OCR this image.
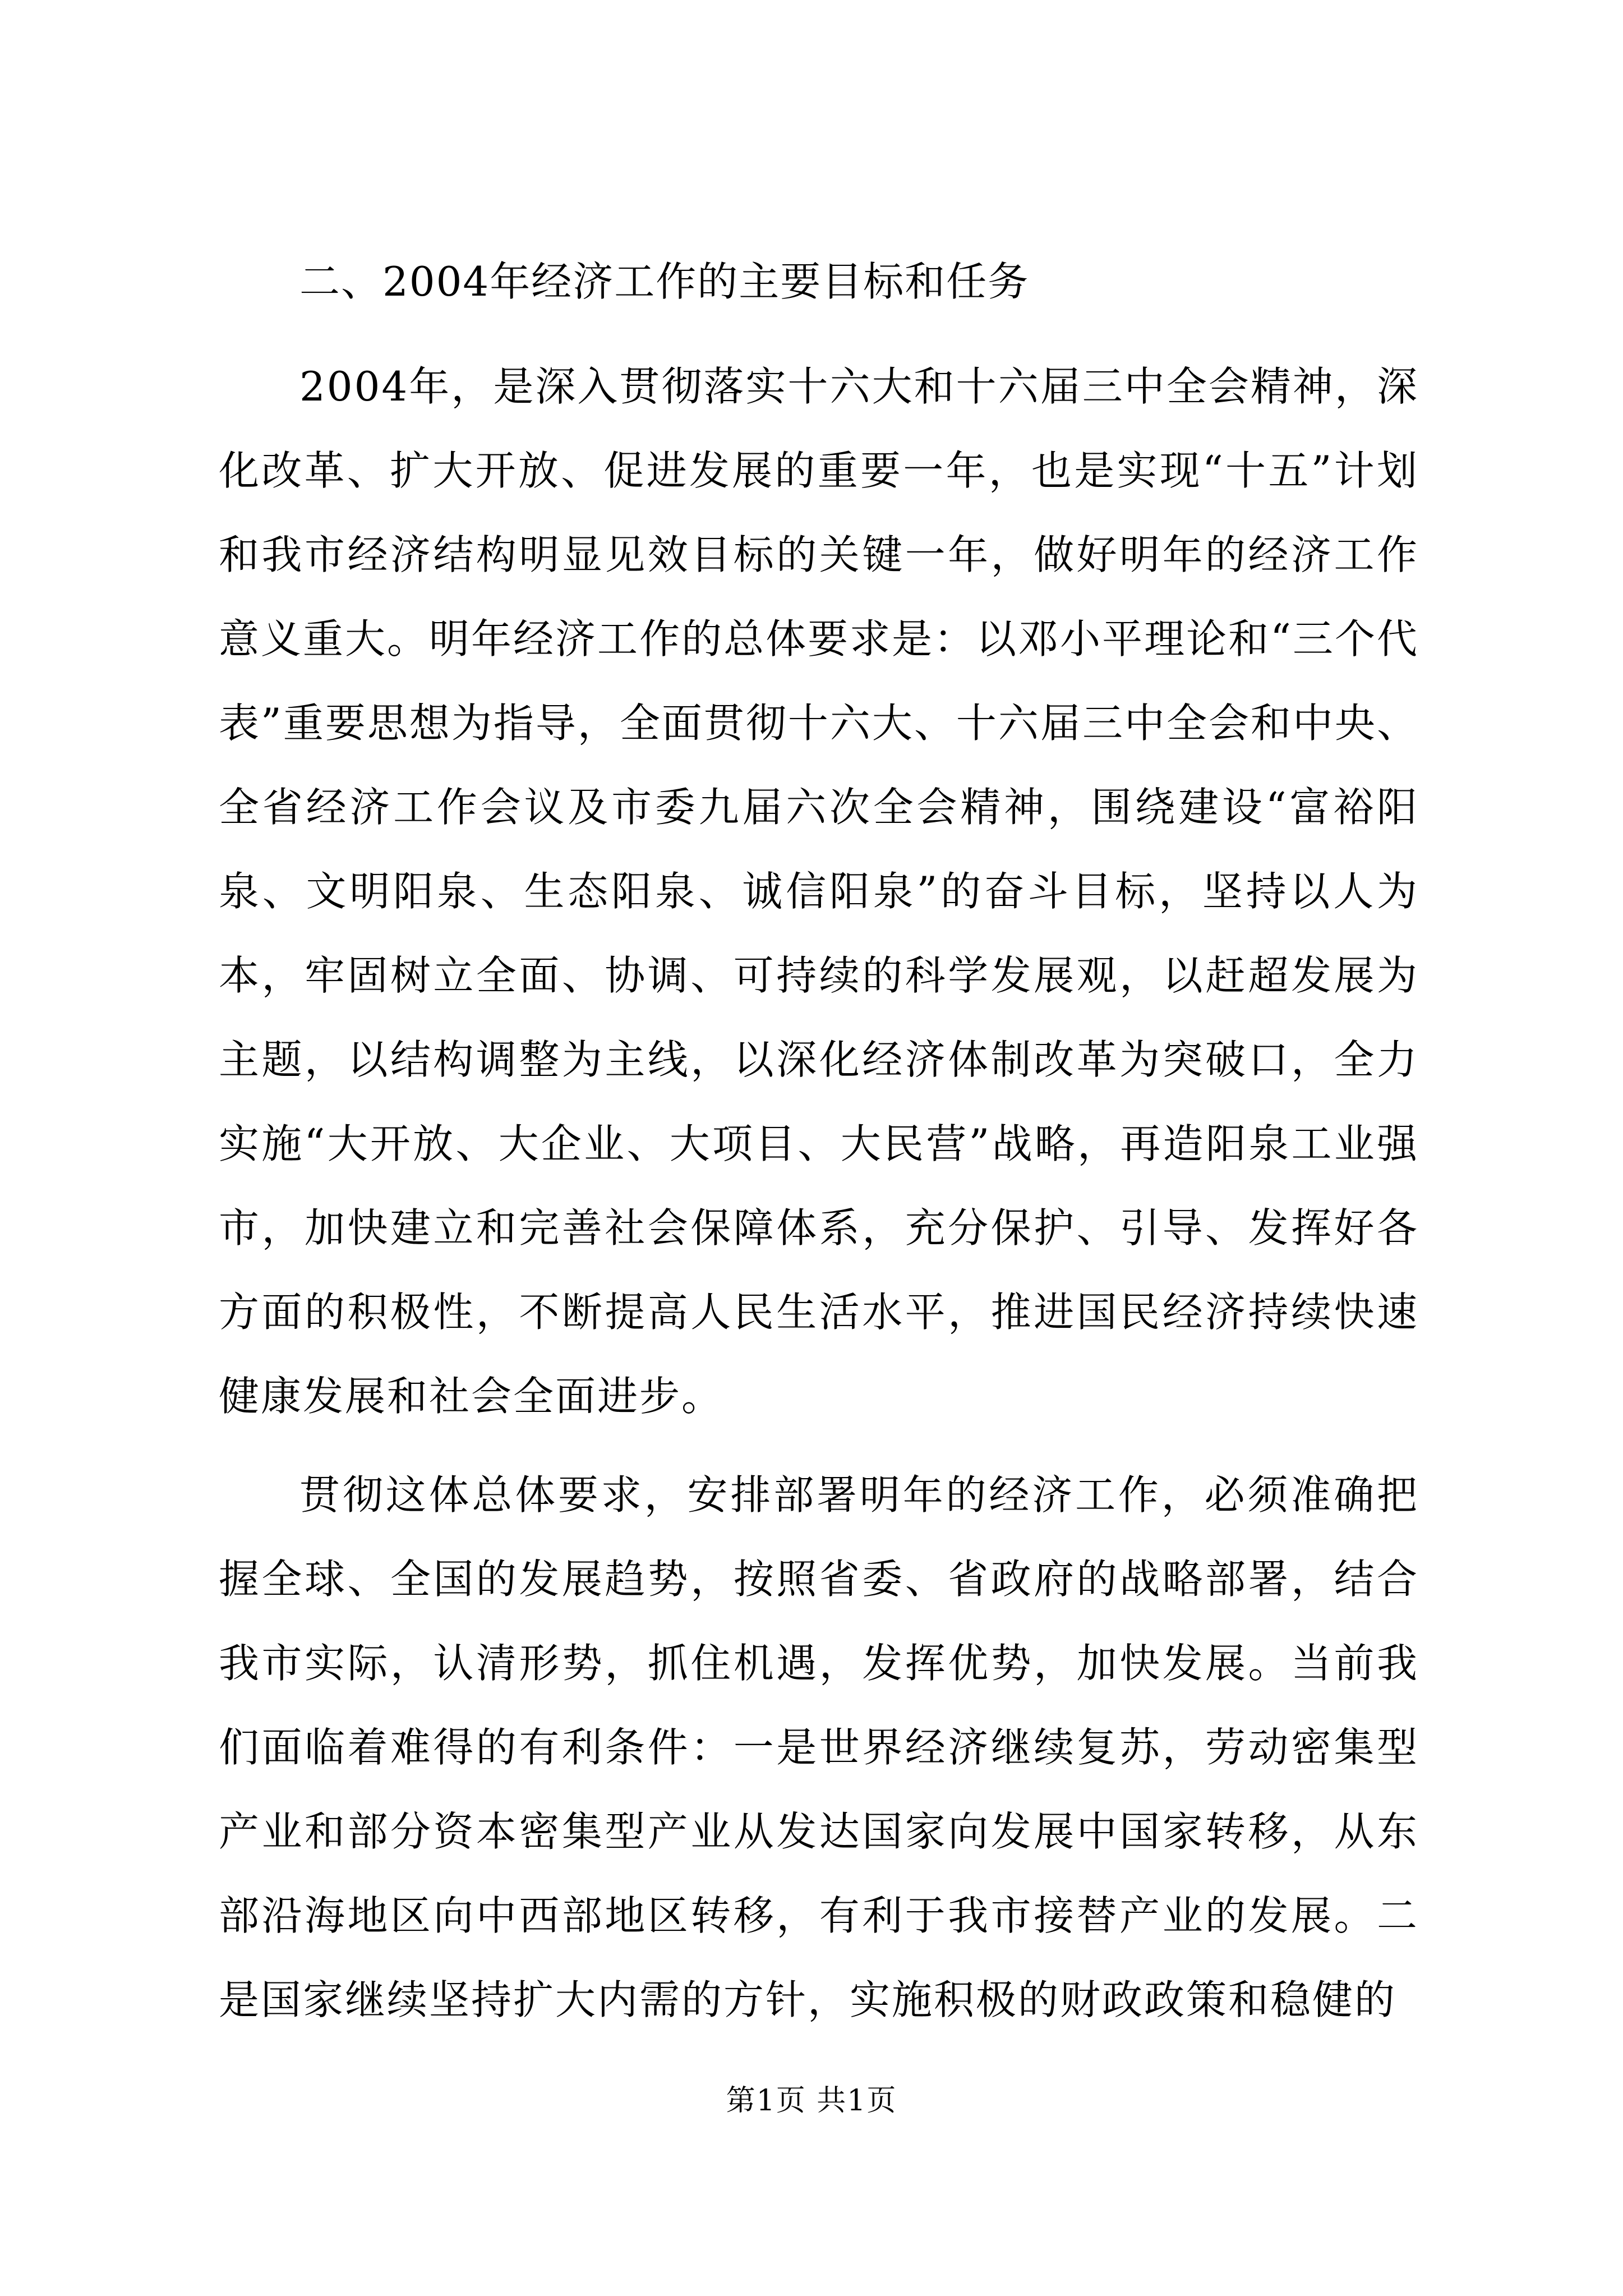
二、2004年经济工作的主要目标和任务

2004年，是深入贯彻落实十六大和十六届三中全会精神，深化改革、扩大开放、促进发展的重要一年，也是实现“十五”计划和我市经济结构明显见效目标的关键一年，做好明年的经济工作意义重大。明年经济工作的总体要求是：以邓小平理论和“三个代表”重要思想为指导，全面贯彻十六大、十六届三中全会和中央、全省经济工作会议及市委九届六次全会精神，围绕建设“富裕阳泉、文明阳泉、生态阳泉、诚信阳泉”的奋斗目标，坚持以人为本，牢固树立全面、协调、可持续的科学发展观，以赶超发展为主题，以结构调整为主线，以深化经济体制改革为突破口，全力实施“大开放、大企业、大项目、大民营”战略，再造阳泉工业强市，加快建立和完善社会保障体系，充分保护、引导、发挥好各方面的积极性，不断提高人民生活水平，推进国民经济持续快速健康发展和社会全面进步。

贯彻这体总体要求，安排部署明年的经济工作，必须准确把握全球、全国的发展趋势，按照省委、省政府的战略部署，结合我市实际，认清形势，抓住机遇，发挥优势，加快发展。当前我们面临着难得的有利条件：一是世界经济继续复苏，劳动密集型产业和部分资本密集型产业从发达国家向发展中国家转移，从东部沿海地区向中西部地区转移，有利于我市接替产业的发展。二是国家继续坚持扩大内需的方针，实施积极的财政政策和稳健的

第1页 共1页
